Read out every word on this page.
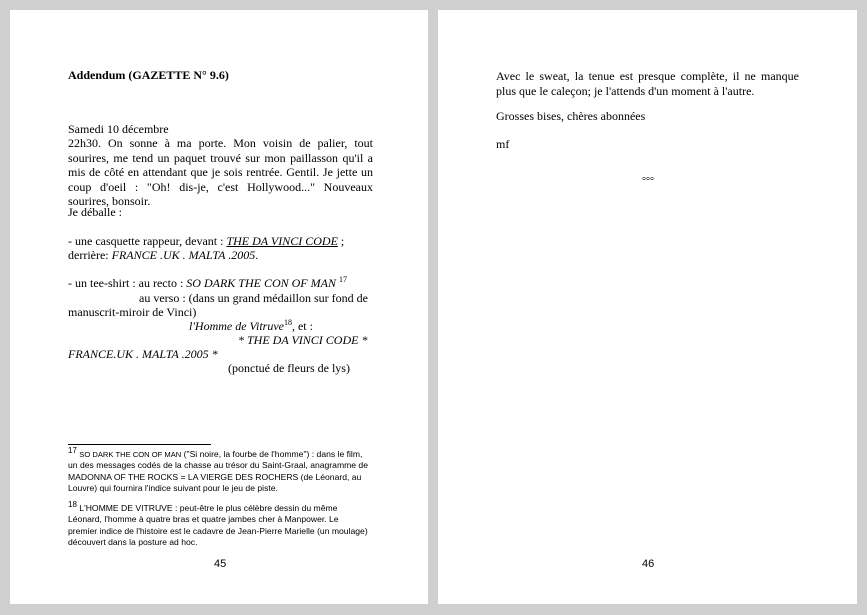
Addendum (GAZETTE N° 9.6)
Samedi 10 décembre
22h30. On sonne à ma porte. Mon voisin de palier, tout sourires, me tend un paquet trouvé sur mon paillasson qu'il a mis de côté en attendant que je sois rentrée. Gentil. Je jette un coup d'oeil : "Oh! dis-je, c'est Hollywood..." Nouveaux sourires, bonsoir.
Je déballe :
- une casquette rappeur, devant : THE DA VINCI CODE ;
derrière: FRANCE .UK . MALTA .2005.
- un tee-shirt : au recto : SO DARK THE CON OF MAN $^{17}$
au verso : (dans un grand médaillon sur fond de
manuscrit-miroir de Vinci)
l'Homme de Vitruve$^{18}$, et :
* THE DA VINCI CODE *
FRANCE.UK . MALTA .2005 *
(ponctué de fleurs de lys)
$^{17}$ SO DARK THE CON OF MAN ("Si noire, la fourbe de l'homme") : dans le film, un des messages codés de la chasse au trésor du Saint-Graal, anagramme de MADONNA OF THE ROCKS = LA VIERGE DES ROCHERS (de Léonard, au Louvre) qui fournira l'indice suivant pour le jeu de piste.
$^{18}$ L'HOMME DE VITRUVE : peut-être le plus célèbre dessin du même Léonard, l'homme à quatre bras et quatre jambes cher à Manpower. Le premier indice de l'histoire est le cadavre de Jean-Pierre Marielle (un moulage) découvert dans la posture ad hoc.
45
Avec le sweat, la tenue est presque complète, il ne manque plus que le caleçon; je l'attends d'un moment à l'autre.
Grosses bises, chères abonnées
mf
°°°
46
